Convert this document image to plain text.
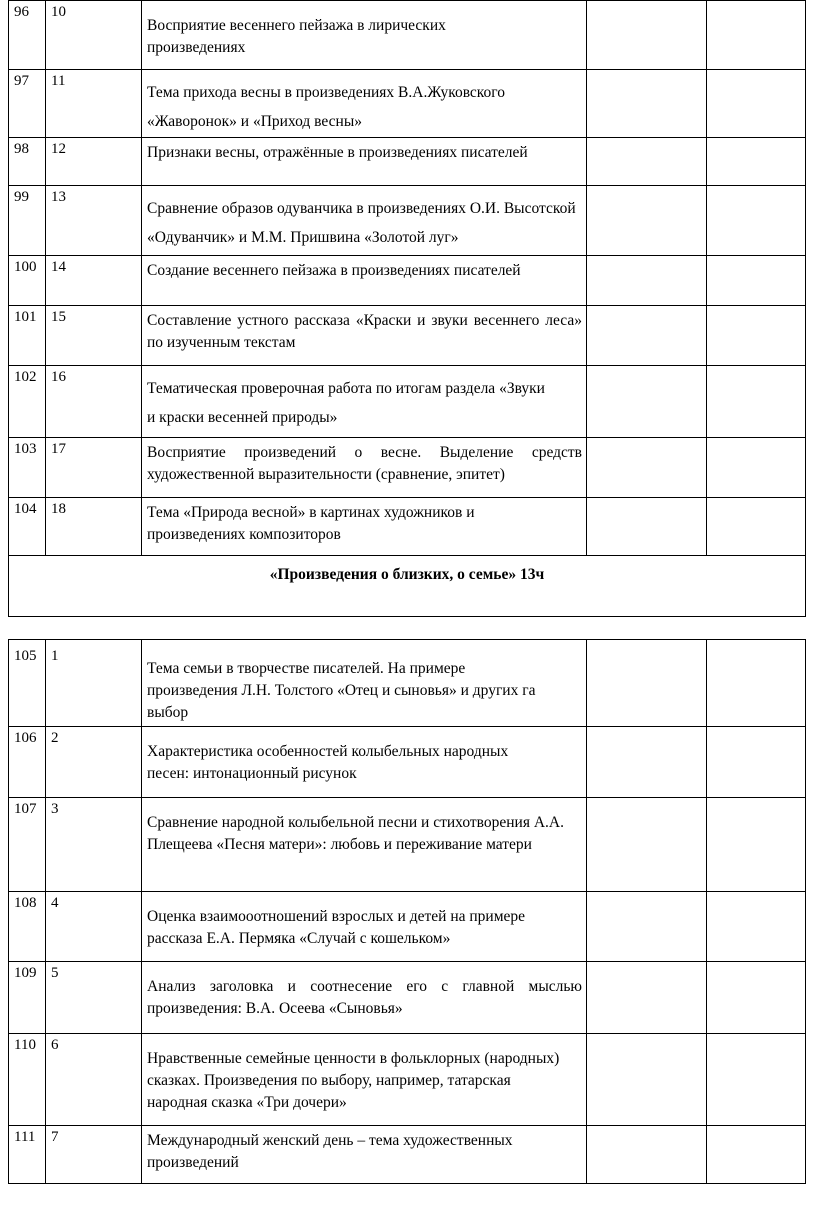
96	10	Восприятие весеннего пейзажа в лирических произведениях		

97	11	Тема прихода весны в произведениях В.А.Жуковского «Жаворонок» и «Приход весны»		

98	12	Признаки весны, отражённые в произведениях писателей		

99	13	Сравнение образов одуванчика в произведениях О.И. Высотской «Одуванчик» и М.М. Пришвина «Золотой луг»		

100	14	Создание весеннего пейзажа в произведениях писателей		

101	15	Составление устного рассказа «Краски и звуки весеннего леса» по изученным текстам		

102	16	Тематическая проверочная работа по итогам раздела «Звуки и краски весенней природы»		

103	17	Восприятие произведений о весне. Выделение средств художественной выразительности (сравнение, эпитет)		

104	18	Тема «Природа весной» в картинах художников и произведениях композиторов		

«Произведения о близких, о семье» 13ч				
105	1	Тема семьи в творчестве писателей. На примере произведения Л.Н. Толстого «Отец и сыновья» и других га выбор		

106	2	Характеристика особенностей колыбельных народных песен: интонационный рисунок		

107	3	Сравнение народной колыбельной песни и стихотворения А.А. Плещеева «Песня матери»: любовь и переживание матери		

108	4	Оценка взаимооотношений взрослых и детей на примере рассказа Е.А. Пермяка «Случай с кошельком»		

109	5	Анализ заголовка и соотнесение его с главной мыслью произведения: В.А. Осеева «Сыновья»		

110	6	Нравственные семейные ценности в фольклорных (народных) сказках. Произведения по выбору, например, татарская народная сказка «Три дочери»		

111	7	Международный женский день – тема художественных произведений		
